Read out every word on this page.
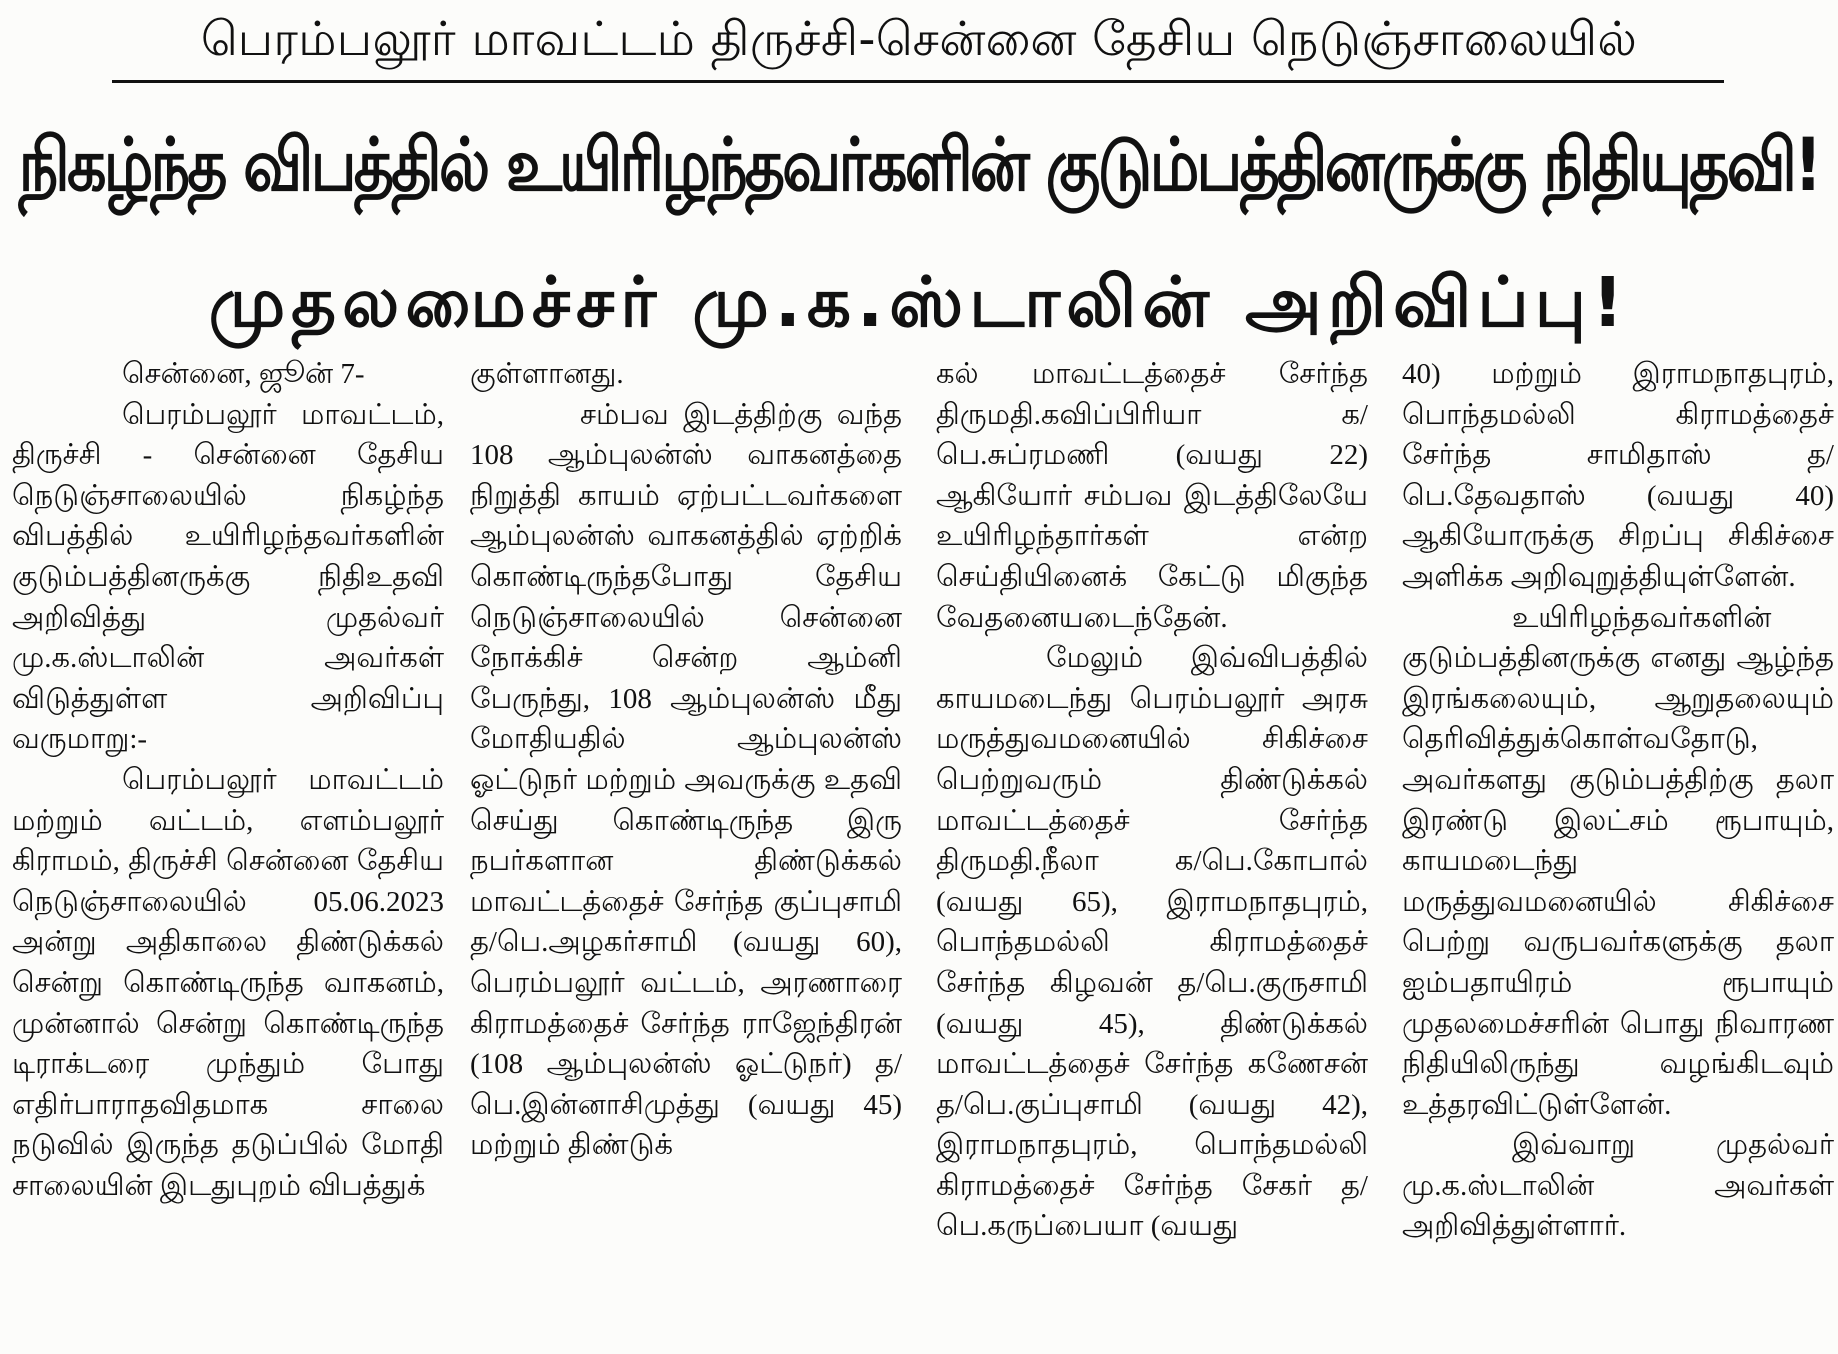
பெரம்பலூர் மாவட்டம் திருச்சி-சென்னை தேசிய நெடுஞ்சாலையில்
நிகழ்ந்த விபத்தில் உயிரிழந்தவர்களின் குடும்பத்தினருக்கு நிதியுதவி!
முதலமைச்சர் மு.க.ஸ்டாலின் அறிவிப்பு!

சென்னை, ஜூன் 7-

பெரம்பலூர் மாவட்டம், திருச்சி - சென்னை தேசிய நெடுஞ்சாலையில் நிகழ்ந்த விபத்தில் உயிரிழந்தவர்களின் குடும்பத்தினருக்கு நிதிஉதவி அறிவித்து முதல்வர் மு.க.ஸ்டாலின் அவர்கள் விடுத்துள்ள அறிவிப்பு வருமாறு:-

பெரம்பலூர் மாவட்டம் மற்றும் வட்டம், எளம்பலூர் கிராமம், திருச்சி சென்னை தேசிய நெடுஞ்சாலையில் 05.06.2023 அன்று அதிகாலை திண்டுக்கல் சென்று கொண்டிருந்த வாகனம், முன்னால் சென்று கொண்டிருந்த டிராக்டரை முந்தும் போது எதிர்பாராதவிதமாக சாலை நடுவில் இருந்த தடுப்பில் மோதி சாலையின் இடதுபுறம் விபத்துக்

குள்ளானது.

சம்பவ இடத்திற்கு வந்த 108 ஆம்புலன்ஸ் வாகனத்தை நிறுத்தி காயம் ஏற்பட்டவர்களை ஆம்புலன்ஸ் வாகனத்தில் ஏற்றிக் கொண்டிருந்தபோது தேசிய நெடுஞ்சாலையில் சென்னை நோக்கிச் சென்ற ஆம்னி பேருந்து, 108 ஆம்புலன்ஸ் மீது மோதியதில் ஆம்புலன்ஸ் ஓட்டுநர் மற்றும் அவருக்கு உதவி செய்து கொண்டிருந்த இரு நபர்களான திண்டுக்கல் மாவட்டத்தைச் சேர்ந்த குப்புசாமி த/பெ.அழகர்சாமி (வயது 60), பெரம்பலூர் வட்டம், அரணாரை கிராமத்தைச் சேர்ந்த ராஜேந்திரன் (108 ஆம்புலன்ஸ் ஓட்டுநர்) த/பெ.இன்னாசிமுத்து (வயது 45) மற்றும் திண்டுக்

கல் மாவட்டத்தைச் சேர்ந்த திருமதி.கவிப்பிரியா க/பெ.சுப்ரமணி (வயது 22) ஆகியோர் சம்பவ இடத்திலேயே உயிரிழந்தார்கள் என்ற செய்தியினைக் கேட்டு மிகுந்த வேதனையடைந்தேன்.

மேலும் இவ்விபத்தில் காயமடைந்து பெரம்பலூர் அரசு மருத்துவமனையில் சிகிச்சை பெற்றுவரும் திண்டுக்கல் மாவட்டத்தைச் சேர்ந்த திருமதி.நீலா க/பெ.கோபால் (வயது 65), இராமநாதபுரம், பொந்தமல்லி கிராமத்தைச் சேர்ந்த கிழவன் த/பெ.குருசாமி (வயது 45), திண்டுக்கல் மாவட்டத்தைச் சேர்ந்த கணேசன் த/பெ.குப்புசாமி (வயது 42), இராமநாதபுரம், பொந்தமல்லி கிராமத்தைச் சேர்ந்த சேகர் த/பெ.கருப்பையா (வயது

40) மற்றும் இராமநாதபுரம், பொந்தமல்லி கிராமத்தைச் சேர்ந்த சாமிதாஸ் த/பெ.தேவதாஸ் (வயது 40) ஆகியோருக்கு சிறப்பு சிகிச்சை அளிக்க அறிவுறுத்தியுள்ளேன்.

உயிரிழந்தவர்களின் குடும்பத்தினருக்கு எனது ஆழ்ந்த இரங்கலையும், ஆறுதலையும் தெரிவித்துக்கொள்வதோடு, அவர்களது குடும்பத்திற்கு தலா இரண்டு இலட்சம் ரூபாயும், காயமடைந்து மருத்துவமனையில் சிகிச்சை பெற்று வருபவர்களுக்கு தலா ஐம்பதாயிரம் ரூபாயும் முதலமைச்சரின் பொது நிவாரண நிதியிலிருந்து வழங்கிடவும் உத்தரவிட்டுள்ளேன்.

இவ்வாறு முதல்வர் மு.க.ஸ்டாலின் அவர்கள் அறிவித்துள்ளார்.
